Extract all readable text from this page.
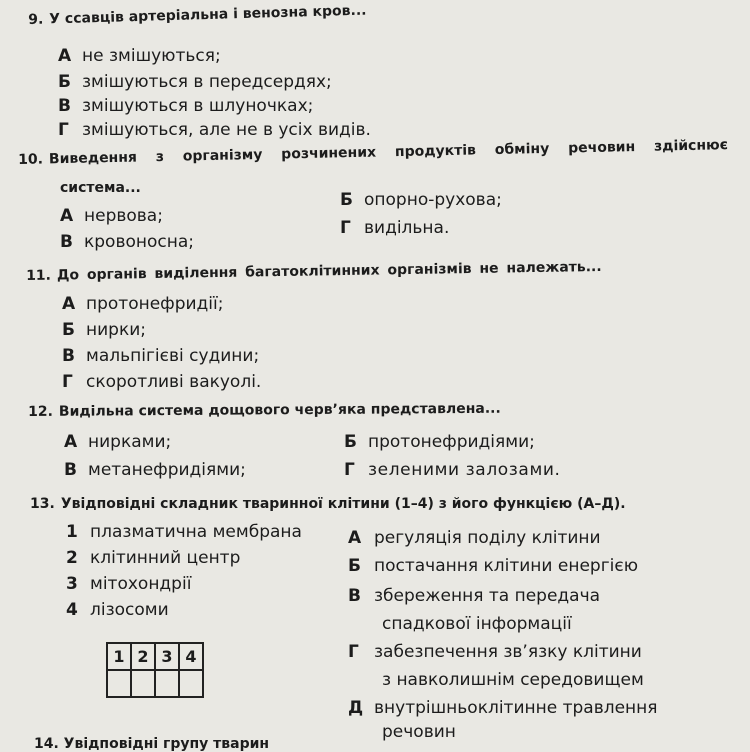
9. У ссавців артеріальна і венозна кров...
А не змішуються;
Б змішуються в передсердях;
В змішуються в шлуночках;
Г змішуються, але не в усіх видів.
10. Виведення з організму розчинених продуктів обміну речовин здійснює
система...
А нервова;
Б опорно-рухова;
В кровоносна;
Г видільна.
11. До органів виділення багатоклітинних організмів не належать...
А протонефридії;
Б нирки;
В мальпігієві судини;
Г скоротливі вакуолі.
12. Видільна система дощового черв’яка представлена...
А нирками;	Б протонефридіями;
В метанефридіями;	Г зеленими залозами.
13. Увідповідні складник тваринної клітини (1–4) з його функцією (А–Д).
1 плазматична мембрана
2 клітинний центр
3 мітохондрії
4 лізосоми
А регуляція поділу клітини
Б постачання клітини енергією
В збереження та передача
спадкової інформації
Г забезпечення зв’язку клітини
з навколишнім середовищем
Д внутрішньоклітинне травлення
речовин
1	2	3	4

14. Увідповідні групу тварин
